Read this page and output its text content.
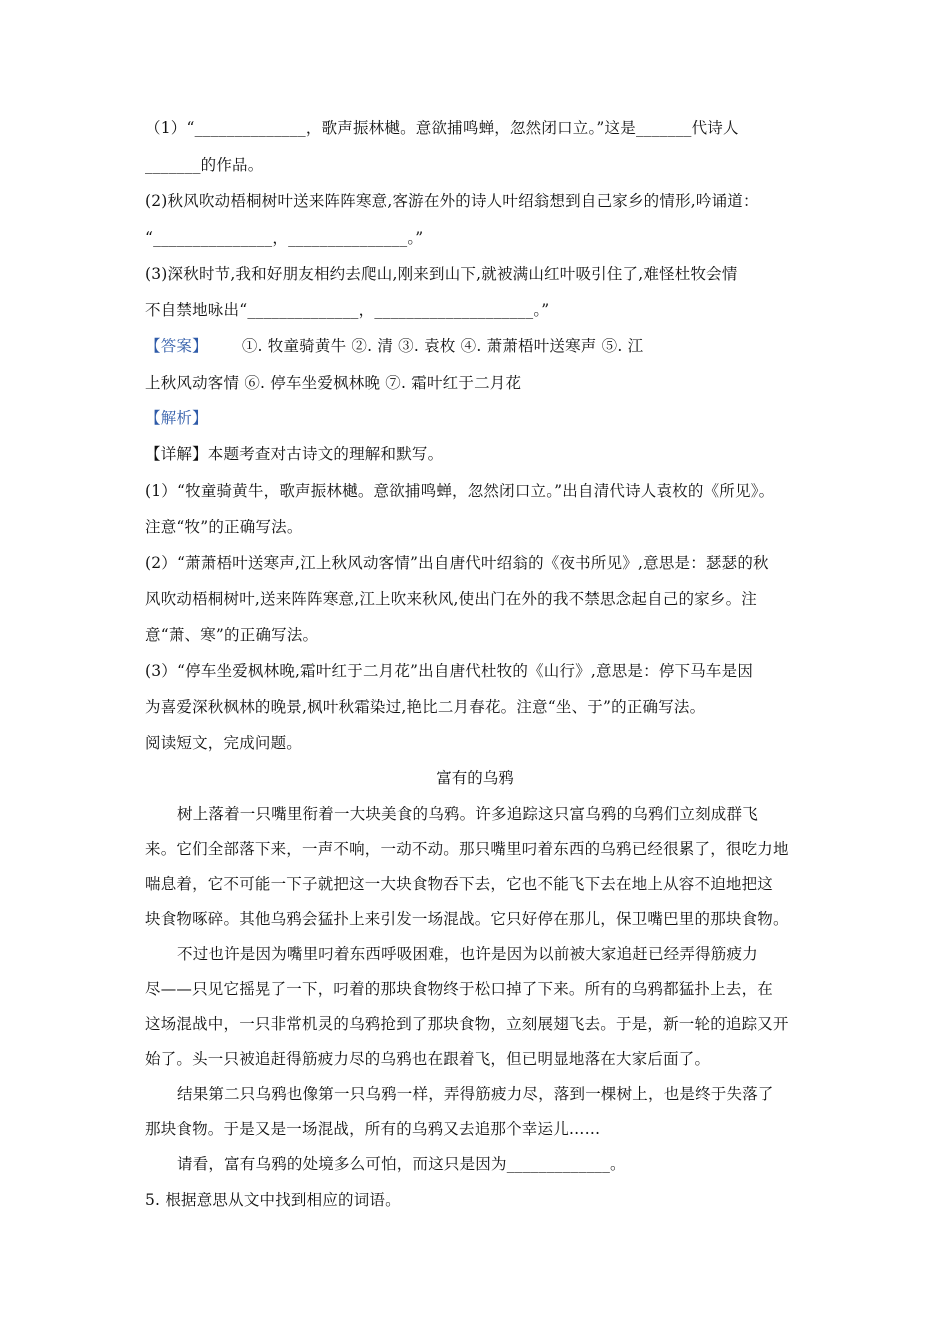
（1）“______________，歌声振林樾。意欲捕鸣蝉，忽然闭口立。”这是_______代诗人
_______的作品。
(2)秋风吹动梧桐树叶送来阵阵寒意,客游在外的诗人叶绍翁想到自己家乡的情形,吟诵道：
“_______________，_______________。”
(3)深秋时节,我和好朋友相约去爬山,刚来到山下,就被满山红叶吸引住了,难怪杜牧会情
不自禁地咏出“______________，____________________。”
【答案】 ①. 牧童骑黄牛 ②. 清 ③. 袁枚 ④. 萧萧梧叶送寒声 ⑤. 江
上秋风动客情 ⑥. 停车坐爱枫林晚 ⑦. 霜叶红于二月花
【解析】
【详解】本题考查对古诗文的理解和默写。
(1）“牧童骑黄牛，歌声振林樾。意欲捕鸣蝉，忽然闭口立。”出自清代诗人袁枚的《所见》。
注意“牧”的正确写法。
(2）“萧萧梧叶送寒声,江上秋风动客情”出自唐代叶绍翁的《夜书所见》,意思是：瑟瑟的秋
风吹动梧桐树叶,送来阵阵寒意,江上吹来秋风,使出门在外的我不禁思念起自己的家乡。注
意“萧、寒”的正确写法。
(3）“停车坐爱枫林晚,霜叶红于二月花”出自唐代杜牧的《山行》,意思是：停下马车是因
为喜爱深秋枫林的晚景,枫叶秋霜染过,艳比二月春花。注意“坐、于”的正确写法。
阅读短文，完成问题。
富有的乌鸦
树上落着一只嘴里衔着一大块美食的乌鸦。许多追踪这只富乌鸦的乌鸦们立刻成群飞
来。它们全部落下来，一声不响，一动不动。那只嘴里叼着东西的乌鸦已经很累了，很吃力地
喘息着，它不可能一下子就把这一大块食物吞下去，它也不能飞下去在地上从容不迫地把这
块食物啄碎。其他乌鸦会猛扑上来引发一场混战。它只好停在那儿，保卫嘴巴里的那块食物。
不过也许是因为嘴里叼着东西呼吸困难，也许是因为以前被大家追赶已经弄得筋疲力
尽——只见它摇晃了一下，叼着的那块食物终于松口掉了下来。所有的乌鸦都猛扑上去，在
这场混战中，一只非常机灵的乌鸦抢到了那块食物，立刻展翅飞去。于是，新一轮的追踪又开
始了。头一只被追赶得筋疲力尽的乌鸦也在跟着飞，但已明显地落在大家后面了。
结果第二只乌鸦也像第一只乌鸦一样，弄得筋疲力尽，落到一棵树上，也是终于失落了
那块食物。于是又是一场混战，所有的乌鸦又去追那个幸运儿……
请看，富有乌鸦的处境多么可怕，而这只是因为_____________。
5. 根据意思从文中找到相应的词语。
